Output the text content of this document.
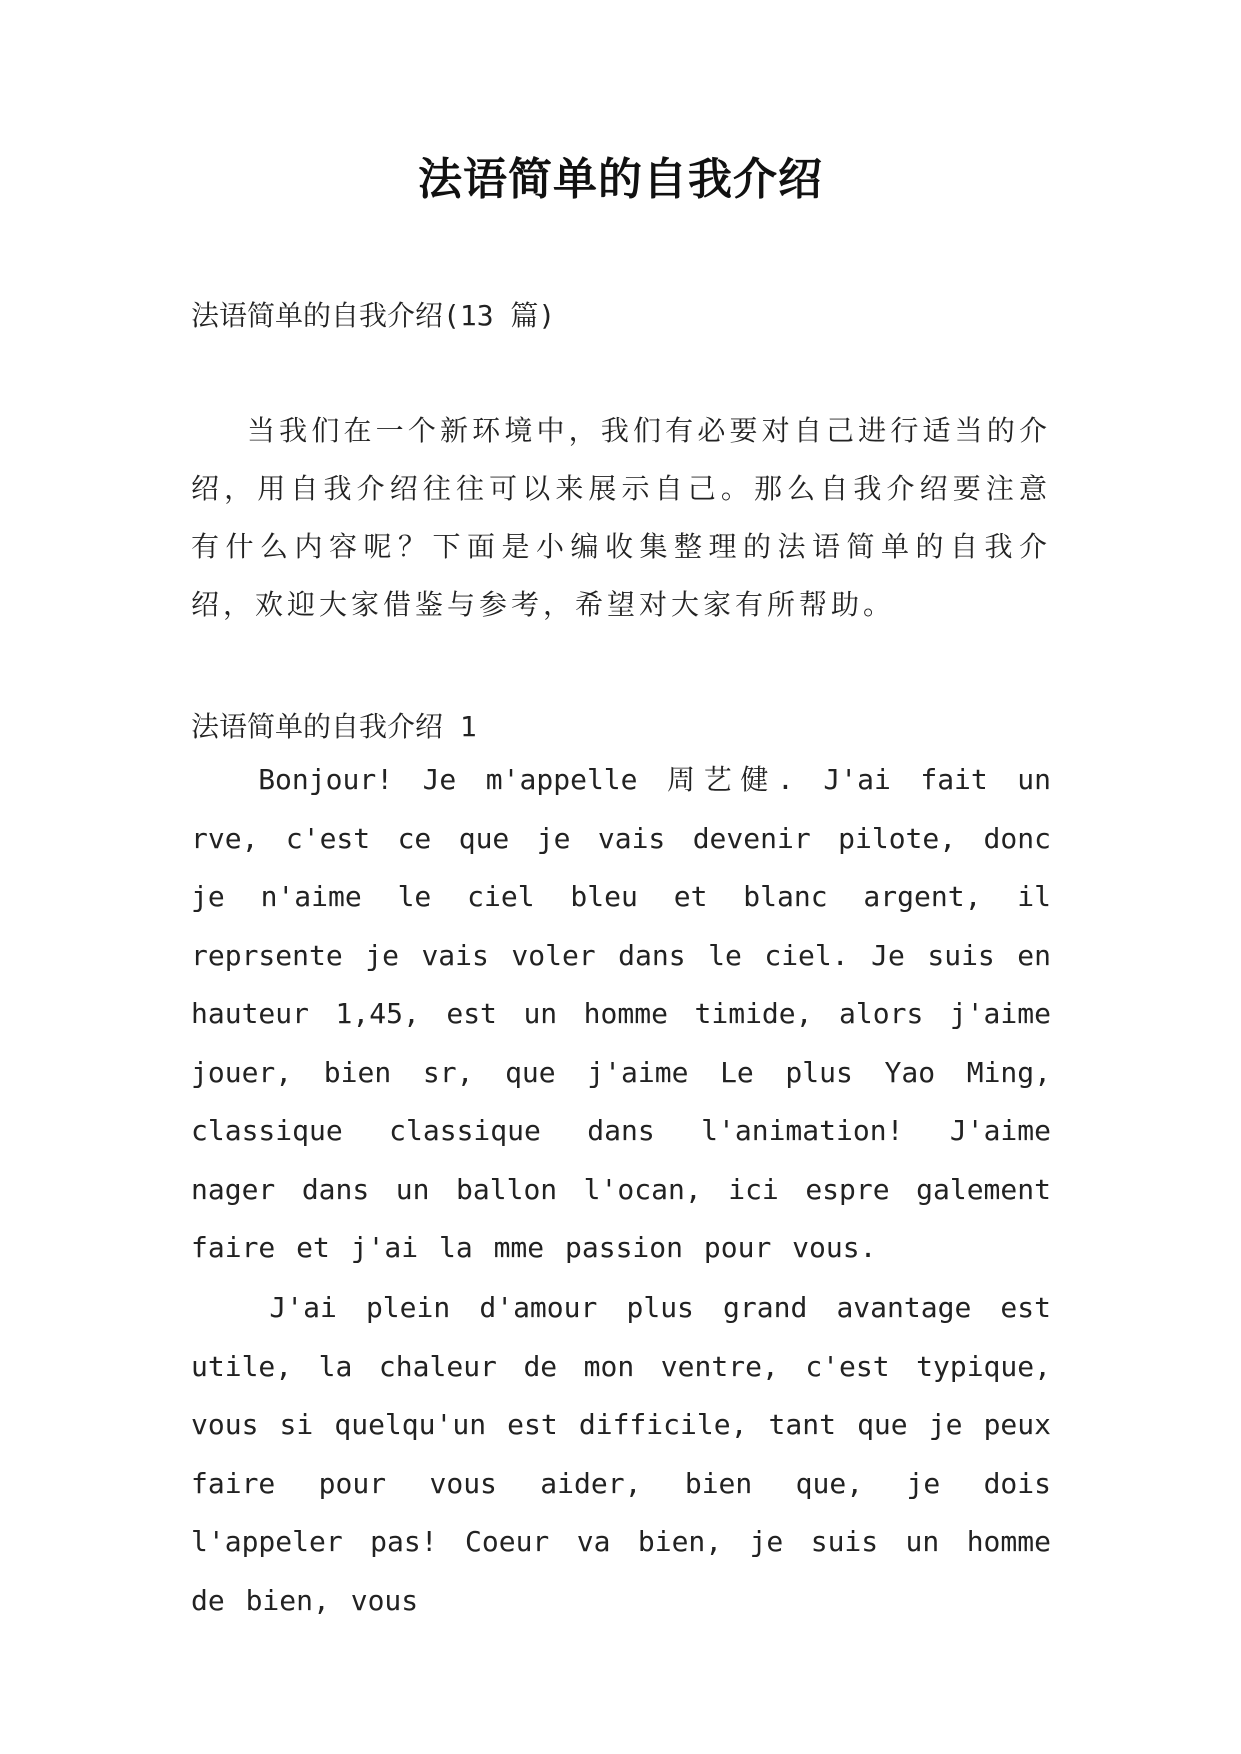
法语简单的自我介绍
法语简单的自我介绍(13 篇)

当我们在一个新环境中，我们有必要对自己进行适当的介绍，用自我介绍往往可以来展示自己。那么自我介绍要注意有什么内容呢？下面是小编收集整理的法语简单的自我介绍，欢迎大家借鉴与参考，希望对大家有所帮助。

法语简单的自我介绍 1

Bonjour! Je m'appelle 周艺健. J'ai fait un rve, c'est ce que je vais devenir pilote, donc je n'aime le ciel bleu et blanc argent, il reprsente je vais voler dans le ciel. Je suis en hauteur 1,45, est un homme timide, alors j'aime jouer, bien sr, que j'aime Le plus Yao Ming, classique classique dans l'animation! J'aime nager dans un ballon l'ocan, ici espre galement faire et j'ai la mme passion pour vous.

J'ai plein d'amour plus grand avantage est utile, la chaleur de mon ventre, c'est typique, vous si quelqu'un est difficile, tant que je peux faire pour vous aider, bien que, je dois l'appeler pas! Coeur va bien, je suis un homme de bien, vous
